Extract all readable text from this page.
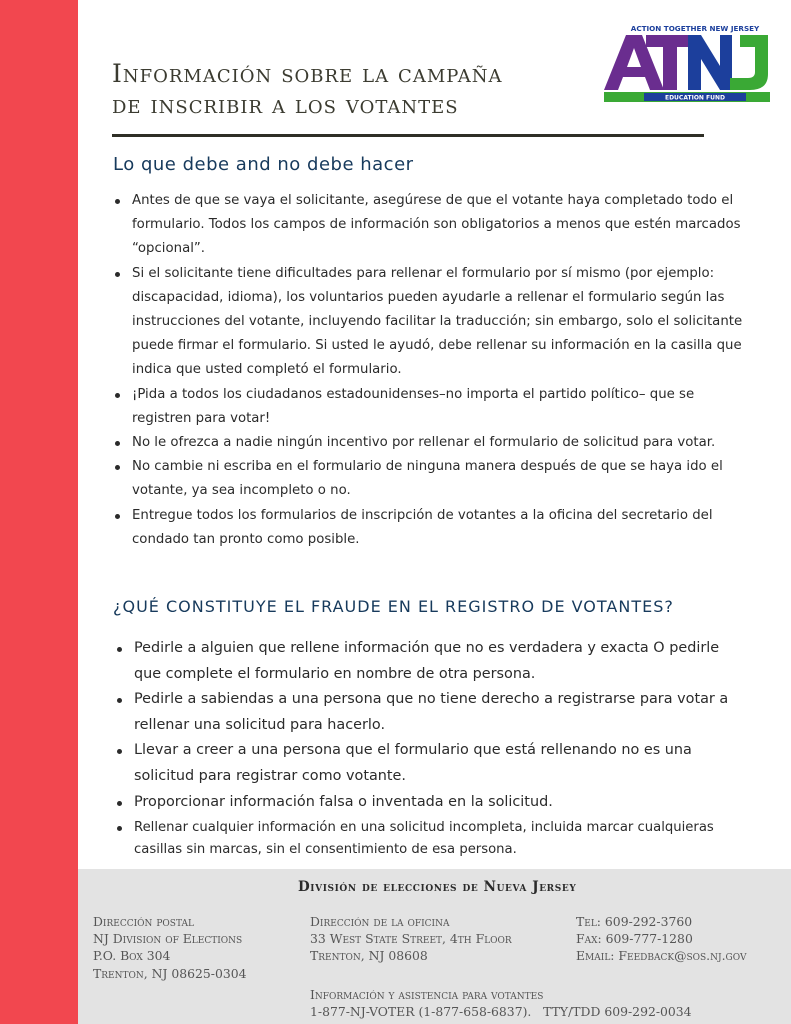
Información sobre la campaña
de inscribir a los votantes
ACTION TOGETHER NEW JERSEY
EDUCATION FUND
Lo que debe and no debe hacer
Antes de que se vaya el solicitante, asegúrese de que el votante haya completado todo el formulario. Todos los campos de información son obligatorios a menos que estén marcados “opcional”.
Si el solicitante tiene dificultades para rellenar el formulario por sí mismo (por ejemplo: discapacidad, idioma), los voluntarios pueden ayudarle a rellenar el formulario según las instrucciones del votante, incluyendo facilitar la traducción; sin embargo, solo el solicitante puede firmar el formulario. Si usted le ayudó, debe rellenar su información en la casilla que indica que usted completó el formulario.
¡Pida a todos los ciudadanos estadounidenses–no importa el partido político– que se registren para votar!
No le ofrezca a nadie ningún incentivo por rellenar el formulario de solicitud para votar.
No cambie ni escriba en el formulario de ninguna manera después de que se haya ido el votante, ya sea incompleto o no.
Entregue todos los formularios de inscripción de votantes a la oficina del secretario del condado tan pronto como posible.
¿QUÉ CONSTITUYE EL FRAUDE EN EL REGISTRO DE VOTANTES?
Pedirle a alguien que rellene información que no es verdadera y exacta O pedirle que complete el formulario en nombre de otra persona.
Pedirle a sabiendas a una persona que no tiene derecho a registrarse para votar a rellenar una solicitud para hacerlo.
Llevar a creer a una persona que el formulario que está rellenando no es una solicitud para registrar como votante.
Proporcionar información falsa o inventada en la solicitud.
Rellenar cualquier información en una solicitud incompleta, incluida marcar cualquieras casillas sin marcas, sin el consentimiento de esa persona.
División de elecciones de Nueva Jersey
Dirección postal
NJ Division of Elections
P.O. Box 304
Trenton, NJ 08625-0304
Dirección de la oficina
33 West State Street, 4th Floor
Trenton, NJ 08608
Tel: 609-292-3760
Fax: 609-777-1280
Email: Feedback@sos.nj.gov
Información y asistencia para votantes
1-877-NJ-VOTER (1-877-658-6837).   TTY/TDD 609-292-0034
